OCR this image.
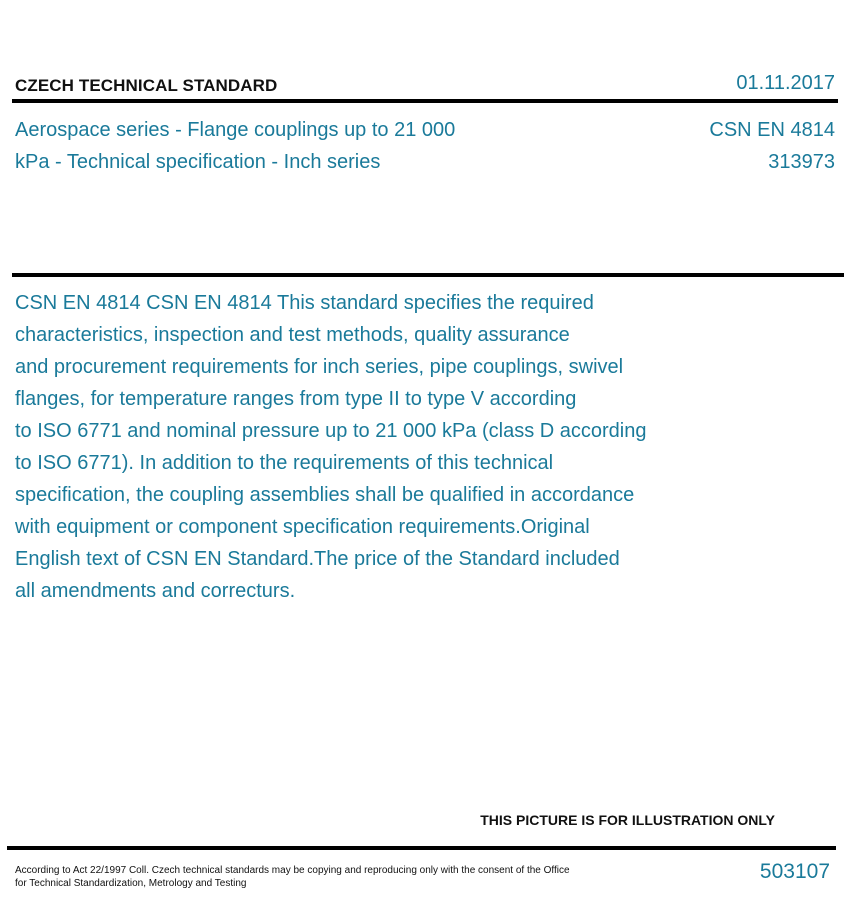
CZECH TECHNICAL STANDARD	01.11.2017
Aerospace series - Flange couplings up to 21 000
kPa - Technical specification - Inch series
CSN EN 4814
313973
CSN EN 4814 CSN EN 4814 This standard specifies the required
characteristics, inspection and test methods, quality assurance
and procurement requirements for inch series, pipe couplings, swivel
flanges, for temperature ranges from type II to type V according
to ISO 6771 and nominal pressure up to 21 000 kPa (class D according
to ISO 6771). In addition to the requirements of this technical
specification, the coupling assemblies shall be qualified in accordance
with equipment or component specification requirements.Original
English text of CSN EN Standard.The price of the Standard included
all amendments and correcturs.
THIS PICTURE IS FOR ILLUSTRATION ONLY
According to Act 22/1997 Coll. Czech technical standards may be copying and reproducing only with the consent of the Office
for Technical Standardization, Metrology and Testing
503107
